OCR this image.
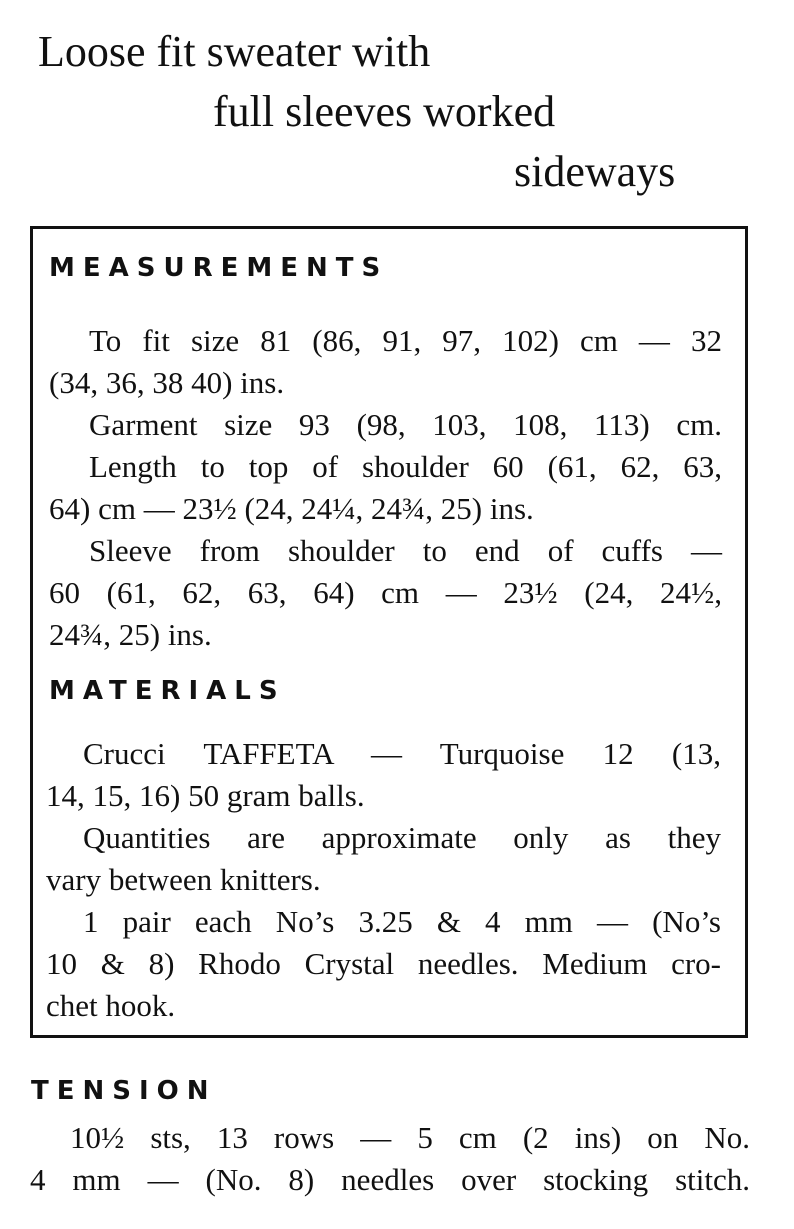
Loose fit sweater with
full sleeves worked
sideways
MEASUREMENTS
To fit size 81 (86, 91, 97, 102) cm — 32
(34, 36, 38 40) ins.
Garment size 93 (98, 103, 108, 113) cm.
Length to top of shoulder 60 (61, 62, 63,
64) cm — 23½ (24, 24¼, 24¾, 25) ins.
Sleeve from shoulder to end of cuffs —
60 (61, 62, 63, 64) cm — 23½ (24, 24½,
24¾, 25) ins.
MATERIALS
Crucci TAFFETA — Turquoise 12 (13,
14, 15, 16) 50 gram balls.
Quantities are approximate only as they
vary between knitters.
1 pair each No’s 3.25 & 4 mm — (No’s
10 & 8) Rhodo Crystal needles. Medium cro-
chet hook.
TENSION
10½ sts, 13 rows — 5 cm (2 ins) on No.
4 mm — (No. 8) needles over stocking stitch.
